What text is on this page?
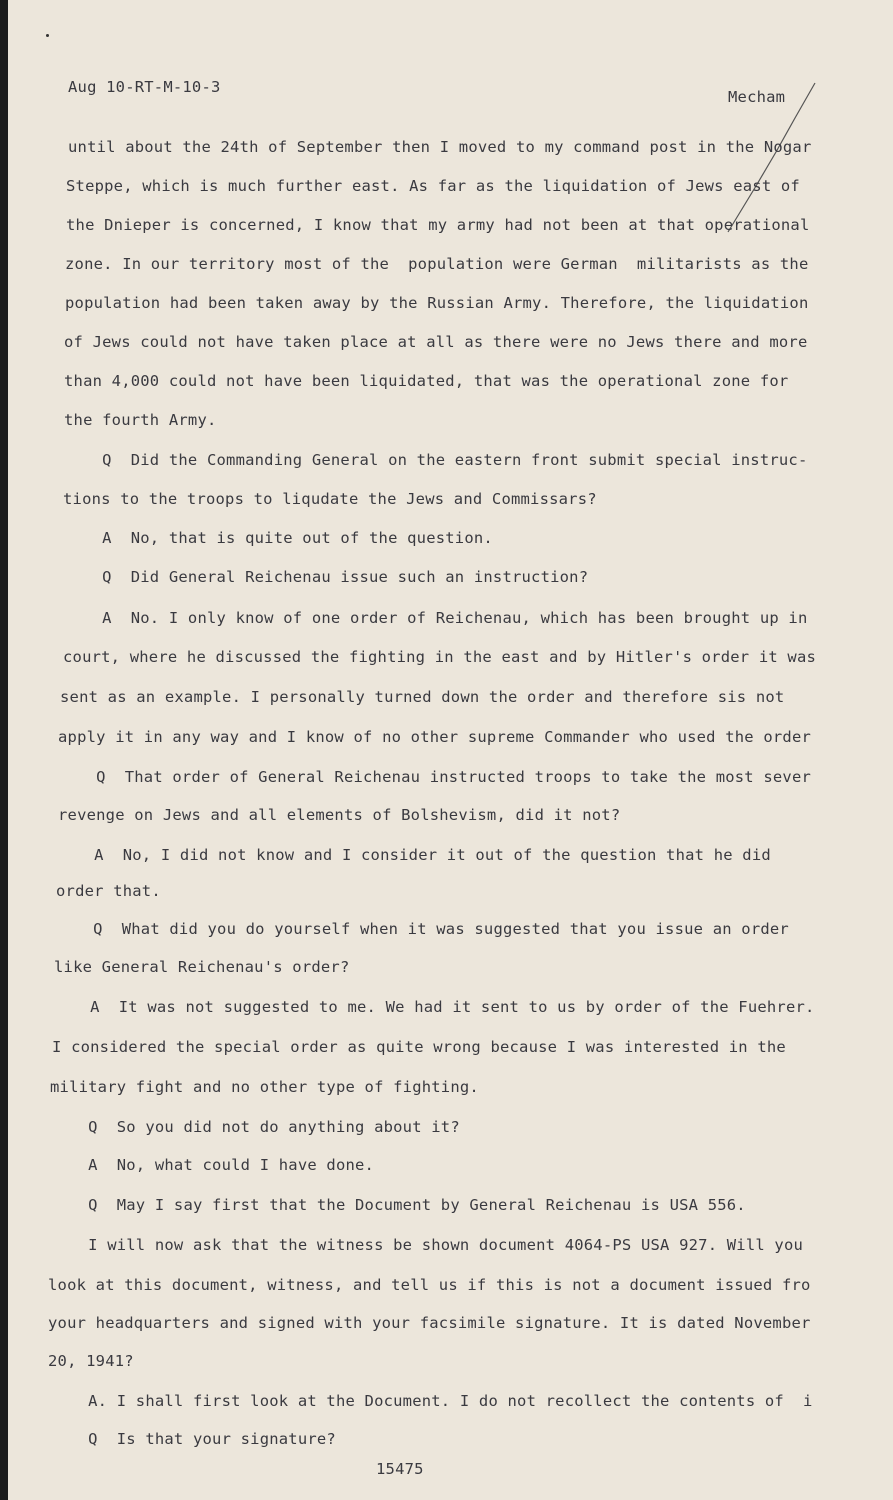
Aug 10-RT-M-10-3
Mecham
until about the 24th of September then I moved to my command post in the Nogar
Steppe, which is much further east. As far as the liquidation of Jews east of
the Dnieper is concerned, I know that my army had not been at that operational
zone. In our territory most of the  population were German  militarists as the
population had been taken away by the Russian Army. Therefore, the liquidation
of Jews could not have taken place at all as there were no Jews there and more
than 4,000 could not have been liquidated, that was the operational zone for
the fourth Army.
Q  Did the Commanding General on the eastern front submit special instruc-
tions to the troops to liqudate the Jews and Commissars?
A  No, that is quite out of the question.
Q  Did General Reichenau issue such an instruction?
A  No. I only know of one order of Reichenau, which has been brought up in
court, where he discussed the fighting in the east and by Hitler's order it was
sent as an example. I personally turned down the order and therefore sis not
apply it in any way and I know of no other supreme Commander who used the order
Q  That order of General Reichenau instructed troops to take the most sever
revenge on Jews and all elements of Bolshevism, did it not?
A  No, I did not know and I consider it out of the question that he did
order that.
Q  What did you do yourself when it was suggested that you issue an order
like General Reichenau's order?
A  It was not suggested to me. We had it sent to us by order of the Fuehrer.
I considered the special order as quite wrong because I was interested in the
military fight and no other type of fighting.
Q  So you did not do anything about it?
A  No, what could I have done.
Q  May I say first that the Document by General Reichenau is USA 556.
I will now ask that the witness be shown document 4064-PS USA 927. Will you
look at this document, witness, and tell us if this is not a document issued fro
your headquarters and signed with your facsimile signature. It is dated November
20, 1941?
A. I shall first look at the Document. I do not recollect the contents of  i
Q  Is that your signature?
15475
